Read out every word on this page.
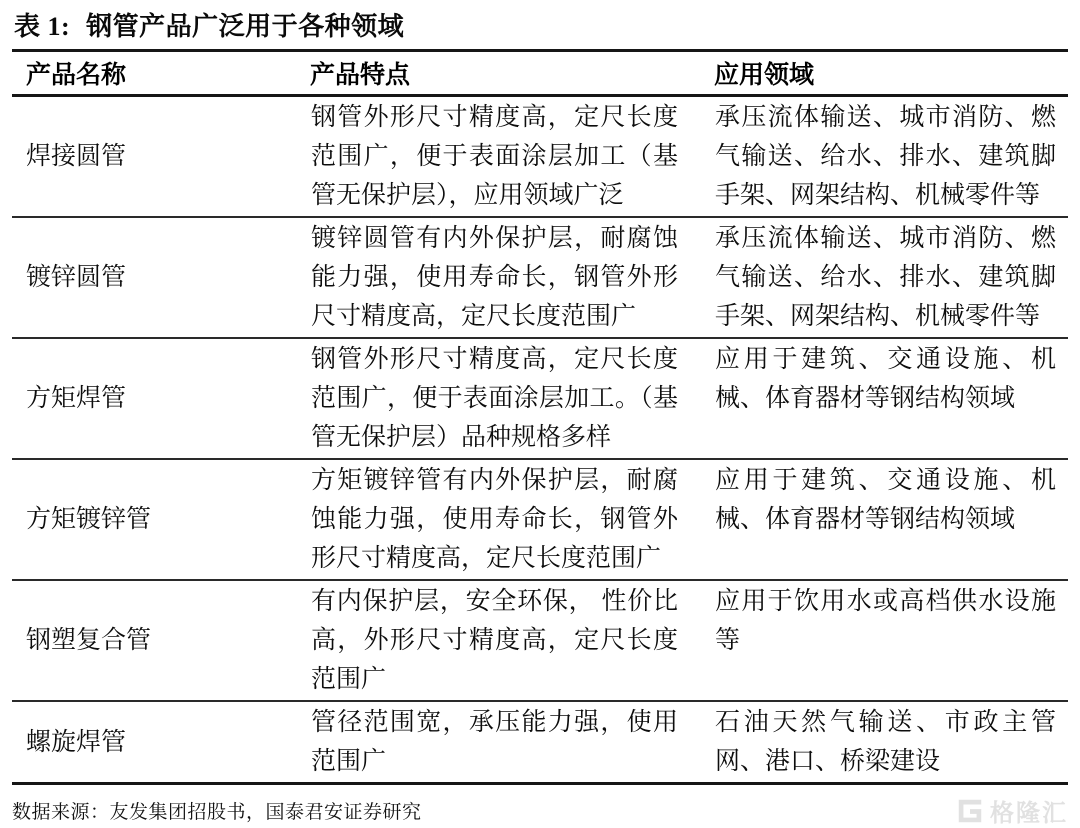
表 1: 钢管产品广泛用于各种领域
产品名称	产品特点	应用领域
焊接圆管	钢管外形尺寸精度高，定尺长度范围广，便于表面涂层加工（基管无保护层），应用领域广泛	承压流体输送、城市消防、燃气输送、给水、排水、建筑脚手架、网架结构、机械零件等
镀锌圆管	镀锌圆管有内外保护层，耐腐蚀能力强，使用寿命长，钢管外形尺寸精度高，定尺长度范围广	承压流体输送、城市消防、燃气输送、给水、排水、建筑脚手架、网架结构、机械零件等
方矩焊管	钢管外形尺寸精度高，定尺长度范围广，便于表面涂层加工。（基管无保护层）品种规格多样	应用于建筑、交通设施、机械、体育器材等钢结构领域
方矩镀锌管	方矩镀锌管有内外保护层，耐腐蚀能力强，使用寿命长，钢管外形尺寸精度高，定尺长度范围广	应用于建筑、交通设施、机械、体育器材等钢结构领域
钢塑复合管	有内保护层，安全环保， 性价比高，外形尺寸精度高，定尺长度范围广	应用于饮用水或高档供水设施等
螺旋焊管	管径范围宽，承压能力强，使用范围广	石油天然气输送、市政主管网、港口、桥梁建设
数据来源：友发集团招股书，国泰君安证券研究	格隆汇
